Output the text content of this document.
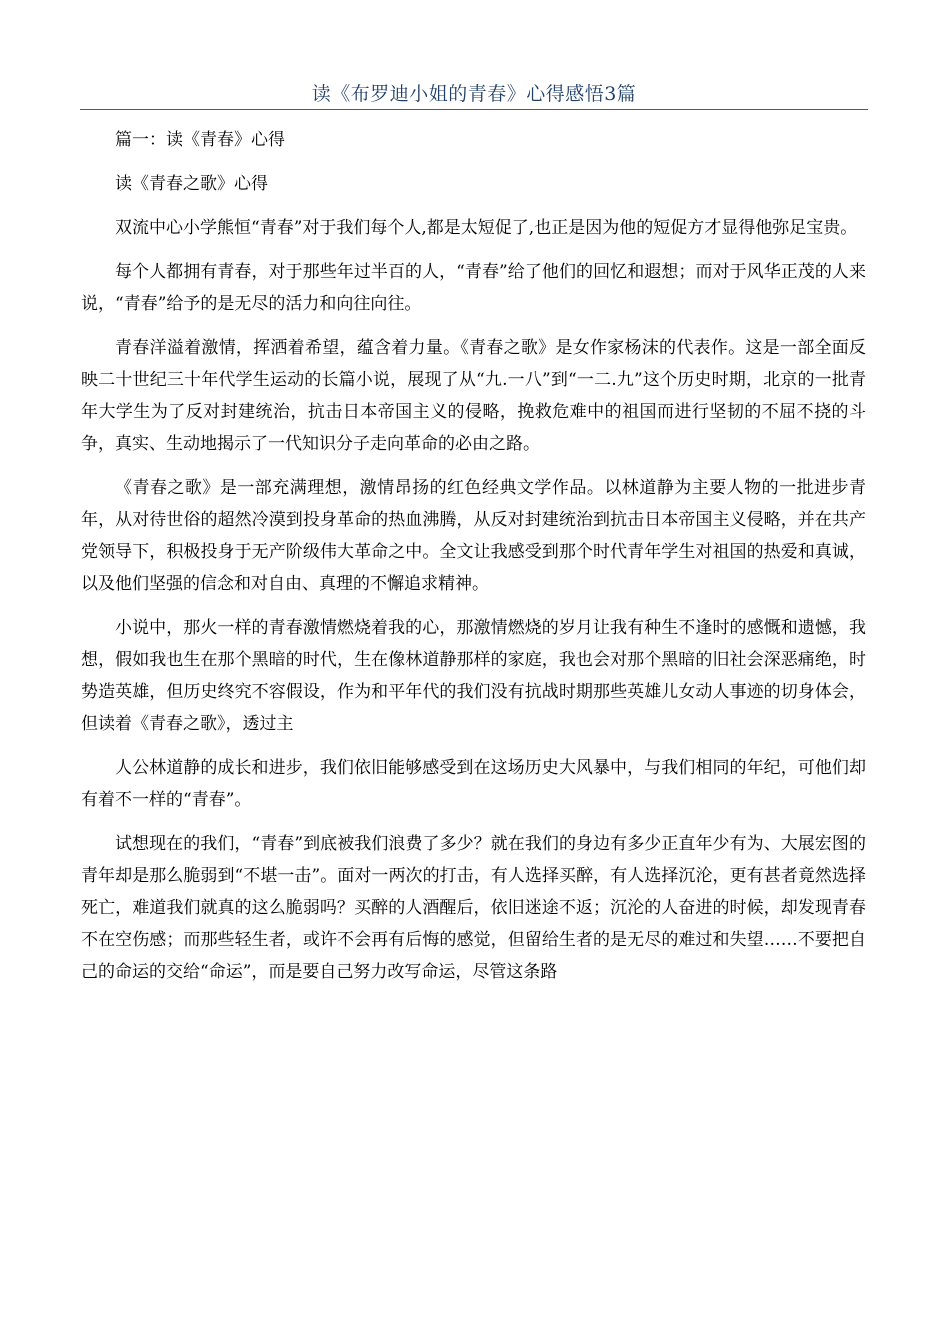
读《布罗迪小姐的青春》心得感悟3篇

篇一：读《青春》心得

读《青春之歌》心得

双流中心小学熊恒“青春”对于我们每个人,都是太短促了,也正是因为他的短促方才显得他弥足宝贵。

每个人都拥有青春，对于那些年过半百的人，“青春”给了他们的回忆和遐想；而对于风华正茂的人来说，“青春”给予的是无尽的活力和向往向往。

青春洋溢着激情，挥洒着希望，蕴含着力量。《青春之歌》是女作家杨沫的代表作。这是一部全面反映二十世纪三十年代学生运动的长篇小说，展现了从“九.一八”到“一二.九”这个历史时期，北京的一批青年大学生为了反对封建统治，抗击日本帝国主义的侵略，挽救危难中的祖国而进行坚韧的不屈不挠的斗争，真实、生动地揭示了一代知识分子走向革命的必由之路。

《青春之歌》是一部充满理想，激情昂扬的红色经典文学作品。以林道静为主要人物的一批进步青年，从对待世俗的超然冷漠到投身革命的热血沸腾，从反对封建统治到抗击日本帝国主义侵略，并在共产党领导下，积极投身于无产阶级伟大革命之中。全文让我感受到那个时代青年学生对祖国的热爱和真诚，以及他们坚强的信念和对自由、真理的不懈追求精神。

小说中，那火一样的青春激情燃烧着我的心，那激情燃烧的岁月让我有种生不逢时的感慨和遗憾，我想，假如我也生在那个黑暗的时代，生在像林道静那样的家庭，我也会对那个黑暗的旧社会深恶痛绝，时势造英雄，但历史终究不容假设，作为和平年代的我们没有抗战时期那些英雄儿女动人事迹的切身体会，但读着《青春之歌》，透过主

人公林道静的成长和进步，我们依旧能够感受到在这场历史大风暴中，与我们相同的年纪，可他们却有着不一样的“青春”。

试想现在的我们，“青春”到底被我们浪费了多少？就在我们的身边有多少正直年少有为、大展宏图的青年却是那么脆弱到“不堪一击”。面对一两次的打击，有人选择买醉，有人选择沉沦，更有甚者竟然选择死亡，难道我们就真的这么脆弱吗？买醉的人酒醒后，依旧迷途不返；沉沦的人奋进的时候，却发现青春不在空伤感；而那些轻生者，或许不会再有后悔的感觉，但留给生者的是无尽的难过和失望……不要把自己的命运的交给“命运”，而是要自己努力改写命运，尽管这条路
